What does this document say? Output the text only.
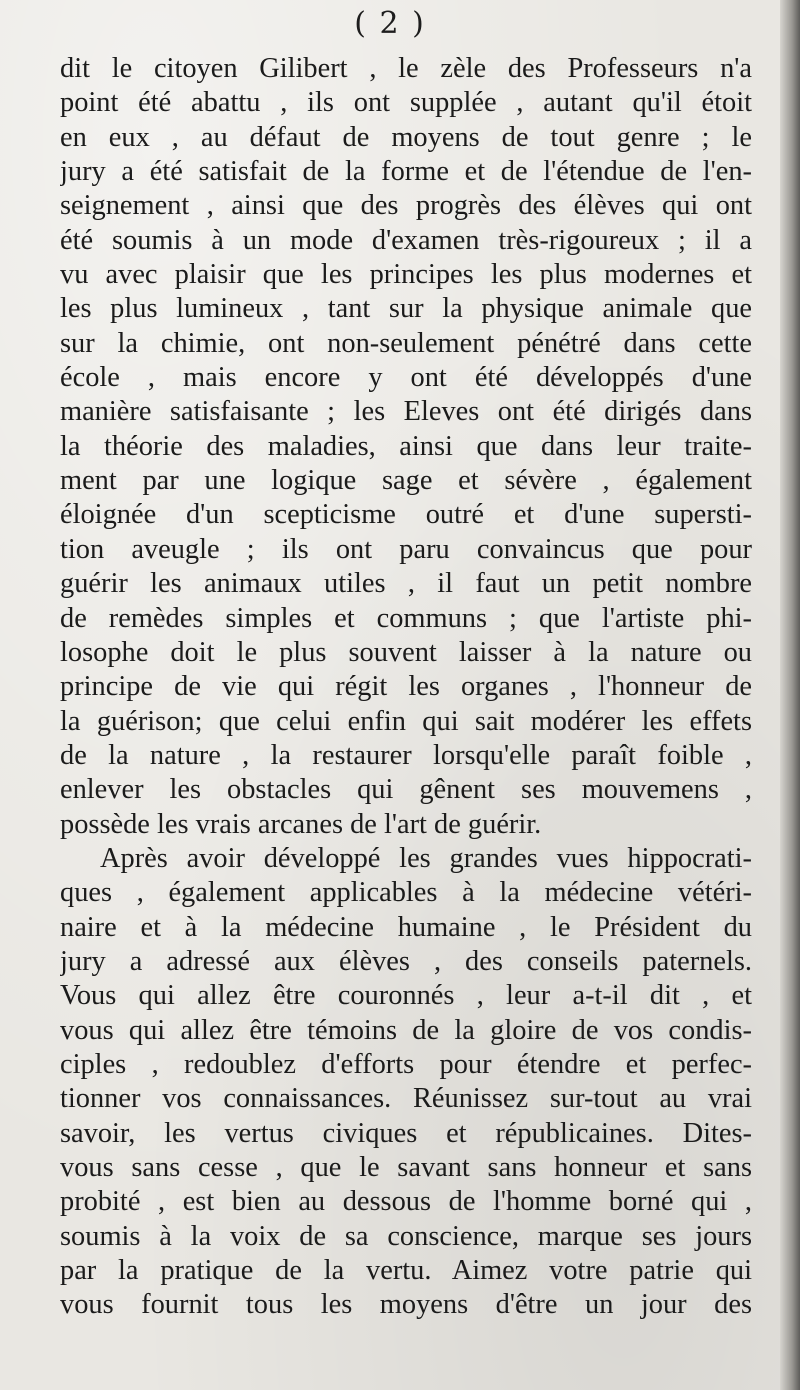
( 2 )
dit le citoyen Gilibert , le zèle des Professeurs n'a
point été abattu , ils ont supplée , autant qu'il étoit
en eux , au défaut de moyens de tout genre ; le
jury a été satisfait de la forme et de l'étendue de l'en-
seignement , ainsi que des progrès des élèves qui ont
été soumis à un mode d'examen très-rigoureux ; il a
vu avec plaisir que les principes les plus modernes et
les plus lumineux , tant sur la physique animale que
sur la chimie, ont non-seulement pénétré dans cette
école , mais encore y ont été développés d'une
manière satisfaisante ; les Eleves ont été dirigés dans
la théorie des maladies, ainsi que dans leur traite-
ment par une logique sage et sévère , également
éloignée d'un scepticisme outré et d'une supersti-
tion aveugle ; ils ont paru convaincus que pour
guérir les animaux utiles , il faut un petit nombre
de remèdes simples et communs ; que l'artiste phi-
losophe doit le plus souvent laisser à la nature ou
principe de vie qui régit les organes , l'honneur de
la guérison; que celui enfin qui sait modérer les effets
de la nature , la restaurer lorsqu'elle paraît foible ,
enlever les obstacles qui gênent ses mouvemens ,
possède les vrais arcanes de l'art de guérir.
Après avoir développé les grandes vues hippocrati-
ques , également applicables à la médecine vétéri-
naire et à la médecine humaine , le Président du
jury a adressé aux élèves , des conseils paternels.
Vous qui allez être couronnés , leur a-t-il dit , et
vous qui allez être témoins de la gloire de vos condis-
ciples , redoublez d'efforts pour étendre et perfec-
tionner vos connaissances. Réunissez sur-tout au vrai
savoir, les vertus civiques et républicaines. Dites-
vous sans cesse , que le savant sans honneur et sans
probité , est bien au dessous de l'homme borné qui ,
soumis à la voix de sa conscience, marque ses jours
par la pratique de la vertu. Aimez votre patrie qui
vous fournit tous les moyens d'être un jour des
